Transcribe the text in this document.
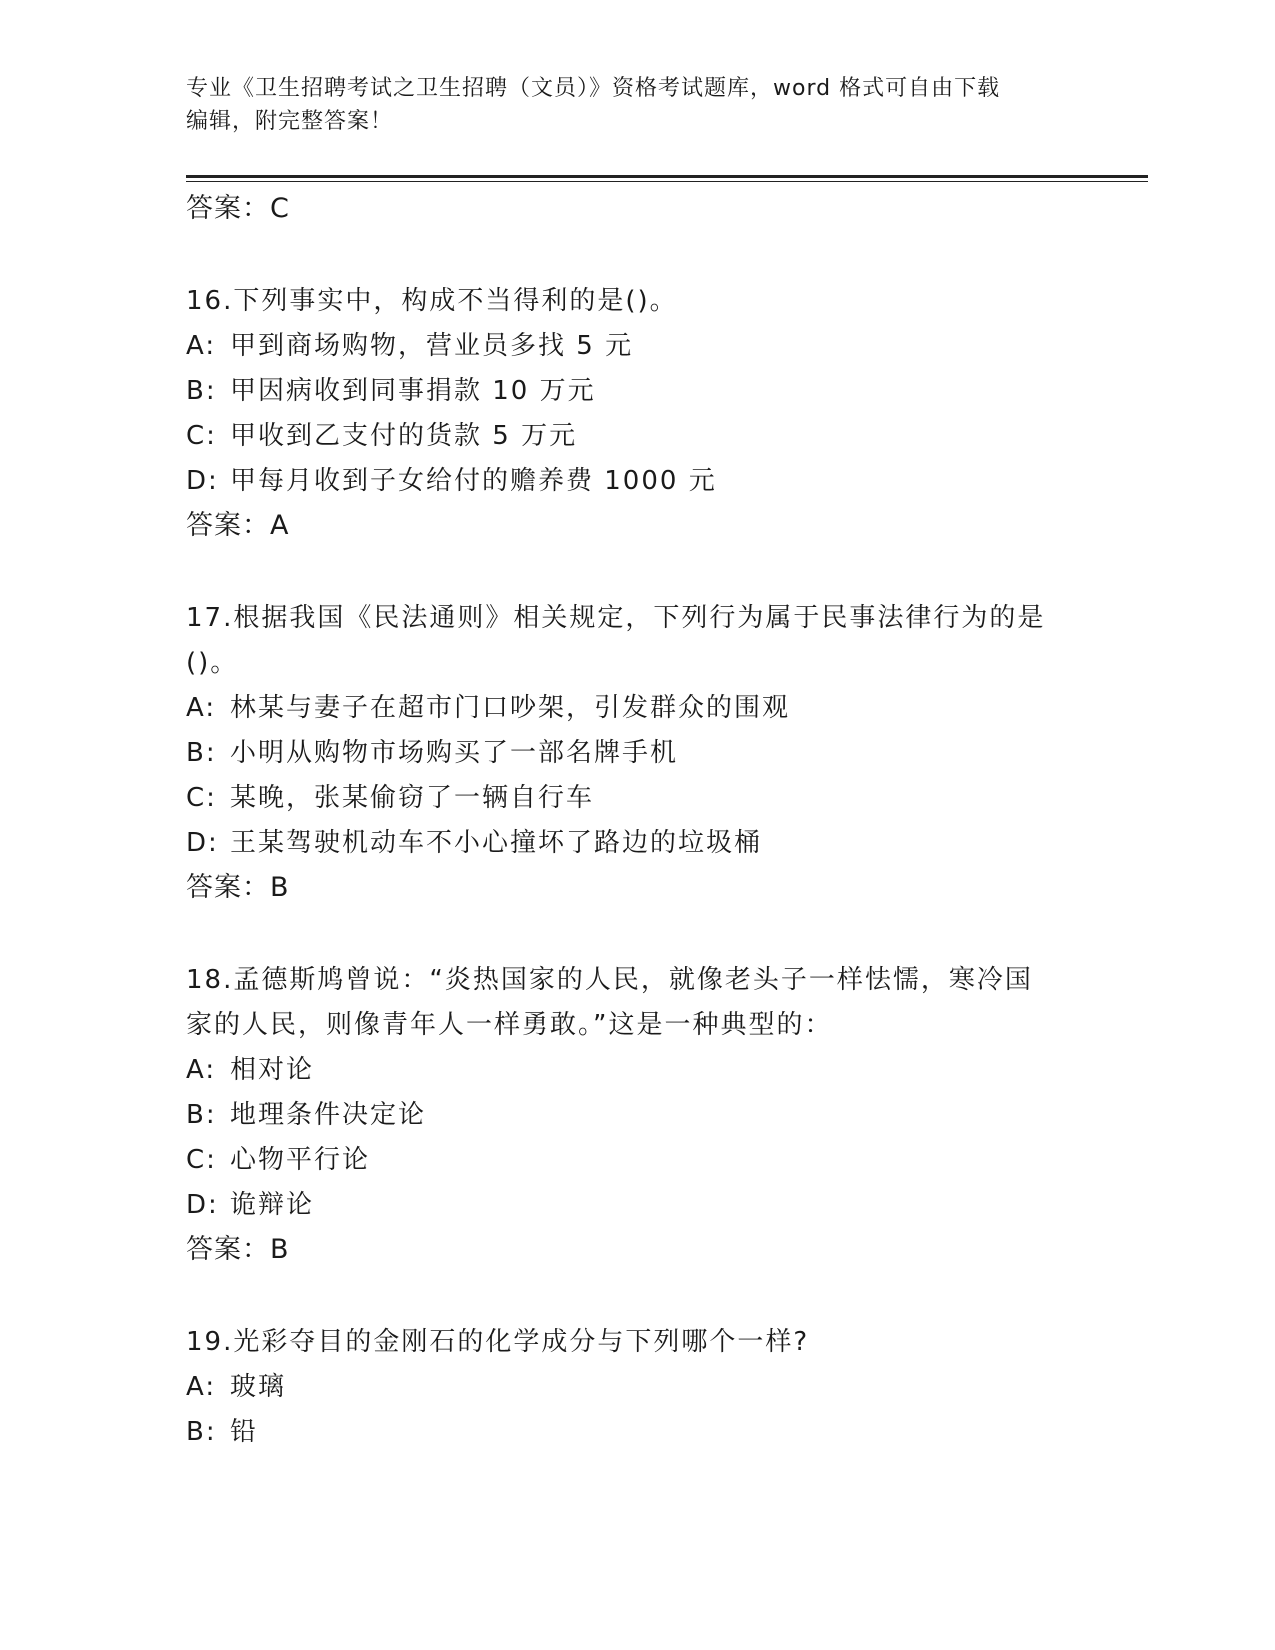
专业《卫生招聘考试之卫生招聘（文员）》资格考试题库，word 格式可自由下载
编辑，附完整答案！
答案：C
16.下列事实中，构成不当得利的是()。
A: 甲到商场购物，营业员多找 5 元
B: 甲因病收到同事捐款 10 万元
C: 甲收到乙支付的货款 5 万元
D: 甲每月收到子女给付的赡养费 1000 元
答案：A
17.根据我国《民法通则》相关规定，下列行为属于民事法律行为的是
()。
A: 林某与妻子在超市门口吵架，引发群众的围观
B: 小明从购物市场购买了一部名牌手机
C: 某晚，张某偷窃了一辆自行车
D: 王某驾驶机动车不小心撞坏了路边的垃圾桶
答案：B
18.孟德斯鸠曾说：“炎热国家的人民，就像老头子一样怯懦，寒冷国
家的人民，则像青年人一样勇敢。”这是一种典型的：
A: 相对论
B: 地理条件决定论
C: 心物平行论
D: 诡辩论
答案：B
19.光彩夺目的金刚石的化学成分与下列哪个一样?
A: 玻璃
B: 铅
